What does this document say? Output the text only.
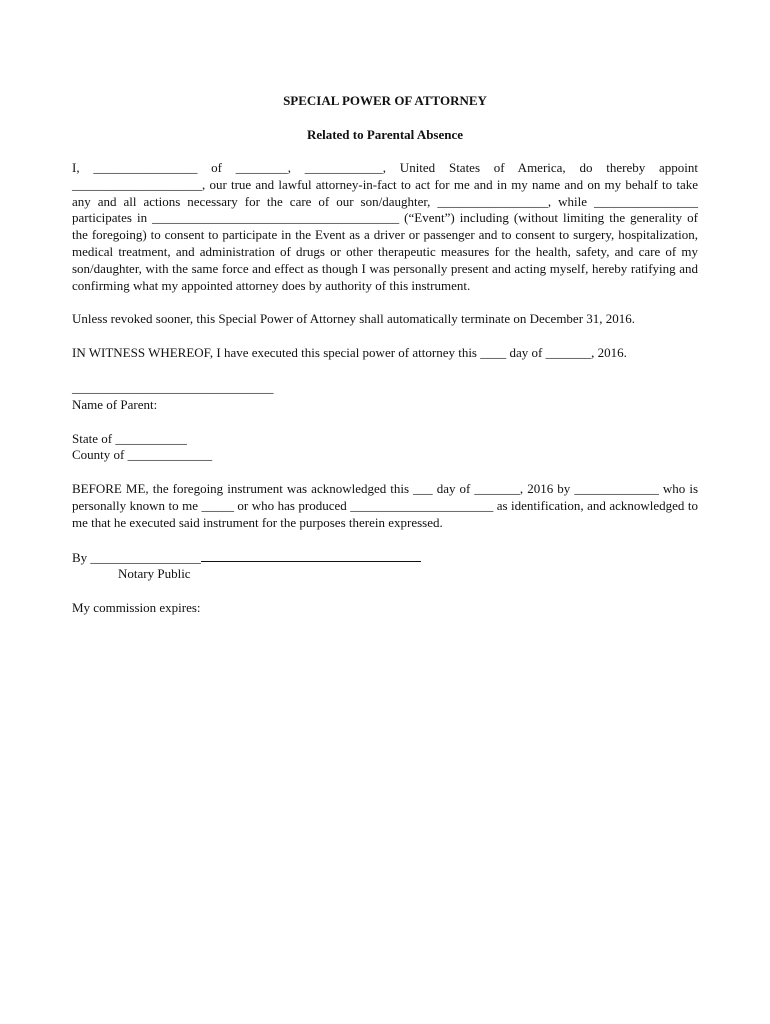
SPECIAL POWER OF ATTORNEY

Related to Parental Absence

I, ________________ of ________, ____________, United States of America, do thereby appoint ____________________, our true and lawful attorney-in-fact to act for me and in my name and on my behalf to take any and all actions necessary for the care of our son/daughter, _________________, while ________________ participates in ______________________________________ (“Event”) including (without limiting the generality of the foregoing) to consent to participate in the Event as a driver or passenger and to consent to surgery, hospitalization, medical treatment, and administration of drugs or other therapeutic measures for the health, safety, and care of my son/daughter, with the same force and effect as though I was personally present and acting myself, hereby ratifying and confirming what my appointed attorney does by authority of this instrument.

Unless revoked sooner, this Special Power of Attorney shall automatically terminate on December 31, 2016.

IN WITNESS WHEREOF, I have executed this special power of attorney this ____ day of _______, 2016.

_______________________________

Name of Parent:

State of ___________

County of _____________

BEFORE ME, the foregoing instrument was acknowledged this ___ day of _______, 2016 by _____________ who is personally known to me _____ or who has produced ______________________ as identification, and acknowledged to me that he executed said instrument for the purposes therein expressed.

By _________________

Notary Public

My commission expires:
